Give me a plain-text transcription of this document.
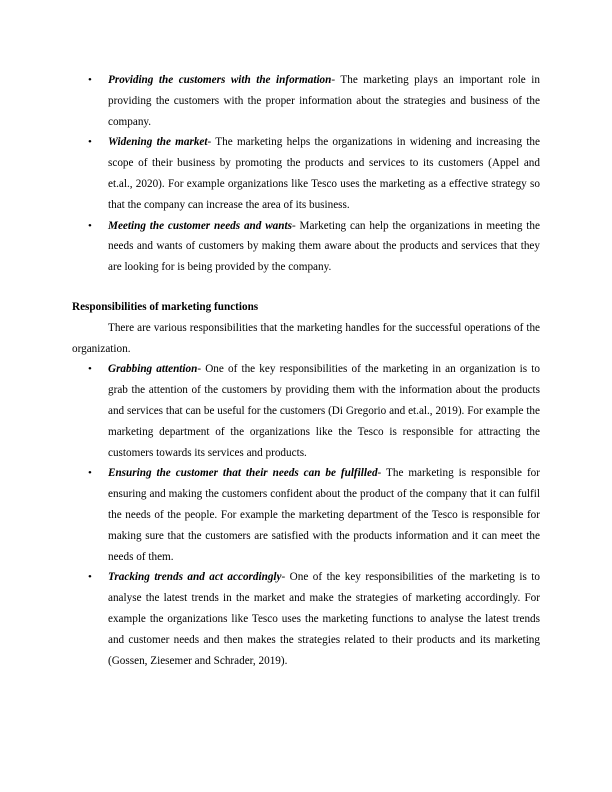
• Providing the customers with the information- The marketing plays an important role in providing the customers with the proper information about the strategies and business of the company.
• Widening the market- The marketing helps the organizations in widening and increasing the scope of their business by promoting the products and services to its customers (Appel and et.al., 2020). For example organizations like Tesco uses the marketing as a effective strategy so that the company can increase the area of its business.
• Meeting the customer needs and wants- Marketing can help the organizations in meeting the needs and wants of customers by making them aware about the products and services that they are looking for is being provided by the company.
Responsibilities of marketing functions
There are various responsibilities that the marketing handles for the successful operations of the organization.
• Grabbing attention- One of the key responsibilities of the marketing in an organization is to grab the attention of the customers by providing them with the information about the products and services that can be useful for the customers (Di Gregorio and et.al., 2019). For example the marketing department of the organizations like the Tesco is responsible for attracting the customers towards its services and products.
• Ensuring the customer that their needs can be fulfilled- The marketing is responsible for ensuring and making the customers confident about the product of the company that it can fulfil the needs of the people. For example the marketing department of the Tesco is responsible for making sure that the customers are satisfied with the products information and it can meet the needs of them.
• Tracking trends and act accordingly- One of the key responsibilities of the marketing is to analyse the latest trends in the market and make the strategies of marketing accordingly. For example the organizations like Tesco uses the marketing functions to analyse the latest trends and customer needs and then makes the strategies related to their products and its marketing (Gossen, Ziesemer and Schrader, 2019).
